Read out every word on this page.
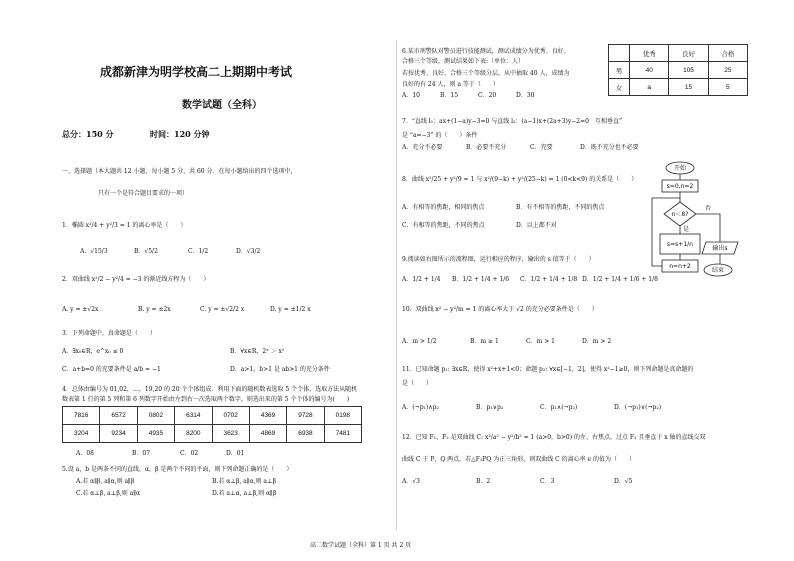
成都新津为明学校高二上期期中考试
数学试题（全科）
总分：150 分	时间：120 分钟
一、选择题（本大题共 12 小题，每小题 5 分，共 60 分．在每小题给出的四个选项中，
只有一个是符合题目要求的一项）
1．椭圆 x²/4 + y²/3 = 1 的离心率是（　　）
A．√15/3	B．√5/2	C．1/2	D．√3/2
2．双曲线 x²/2 − y²/4 = −3 的渐近线方程为（　　）
A. y = ±√2x	B. y = ±2x	C. y = ±√2/2 x	D. y = ±1/2 x
3．下列命题中，真命题是（　　）
A．∃x₀∈R，e^x₀ ≤ 0	B．∀x∈R，2ˣ ＞ x²
C．a+b=0 的充要条件是 a/b = −1	D．a>1，b>1 是 ab>1 的充分条件
4．总体由编号为 01,02，…，19,20 的 20 个个体组成．利用下面的随机数表选取 5 个个体，选取方法从随机
数表第 1 行的第 5 列和第 6 列数字开始由左到右一次选取两个数字，则选出来的第 5 个个体的编号为(　　)
7816	6572	0802	6314	0702	4369	9728	0198
3204	9234	4935	8200	3623	4869	6938	7481
A．08	B．07	C．02	D．01
5.设 a，b 是两条不同的直线，α，β 是两个不同的平面，则下列命题正确的是（　　）
A.若 α∥β, a∥α,则 a∥β	B.若 α⊥β, a∥α,则 a⊥β
C.若 α⊥β, a⊥β,则 a∥α	D.若 a⊥α, a⊥β,则 α∥β
6.某市刑警队对警员进行技能测试，测试成绩分为优秀、良好、
合格三个等级，测试结果如下表:（单位：人）
若按优秀、良好、合格三个等级分层，从中抽取 40 人，成绩为
良好的有 24 人，则 a 等于（　　）
	优秀	良好	合格
男	40	105	25
女	a	15	5
A．10	B．15	C．20	D．30
7．“直线 l₁：ax+(1−a)y−3=0 与直线 l₂：(a−1)x+(2a+3)y−2=0　互相垂直”
是 “a=−3” 的（　　）条件
A．充分不必要	B．必要不充分	C．充要	D．既不充分也不必要
8．曲线 x²/25 + y²/9 = 1 与 x²/(9−k) + y²/(25−k) = 1 (0<k<9) 的关系是（　　）
A．有相等的焦距，相同的焦点	B．有不相等的焦距，不同的焦点
C．有相等的焦距，不同的焦点	D．以上都不对
9.阅读如右图所示的流程图，运行相应的程序，输出的 s 值等于（　　）
A．1/2 + 1/4 B．1/2 + 1/4 + 1/6 C．1/2 + 1/4 + 1/8 D．1/2 + 1/4 + 1/6 + 1/8
10．双曲线 x² − y²/m = 1 的离心率大于 √2 的充分必要条件是（　　）
A．m > 1/2	B．m ≥ 1	C．m > 1	D．m > 2
11．已知命题 p₁: ∃x∈R，使得 x²+x+1<0；命题 p₂: ∀x∈[−1，2]，使得 x²−1≥0，则下列命题是真命题的
是（　　）
A．(¬p₁)∧p₂	B．p₁∨p₂	C．p₁∧(¬p₂)	D．(¬p₁)∨(¬p₂)
12．已知 F₁、F₂ 是双曲线 C: x²/a² − y²/b² = 1 (a>0，b>0) 的左、右焦点，过点 F₁ 且垂直于 x 轴的直线交双
曲线 C 于 P，Q 两点，若△F₂PQ 为正三角形，则双曲线 C 的离心率 e 的值为（　　）
A．√3	B．2	C．3	D．√5
开始
s=0,n=2
n＜8?
s=s+1/n
n=n+2
输出s
结束
是
否
高二数学试题（全科）第 1 页 共 2 页
